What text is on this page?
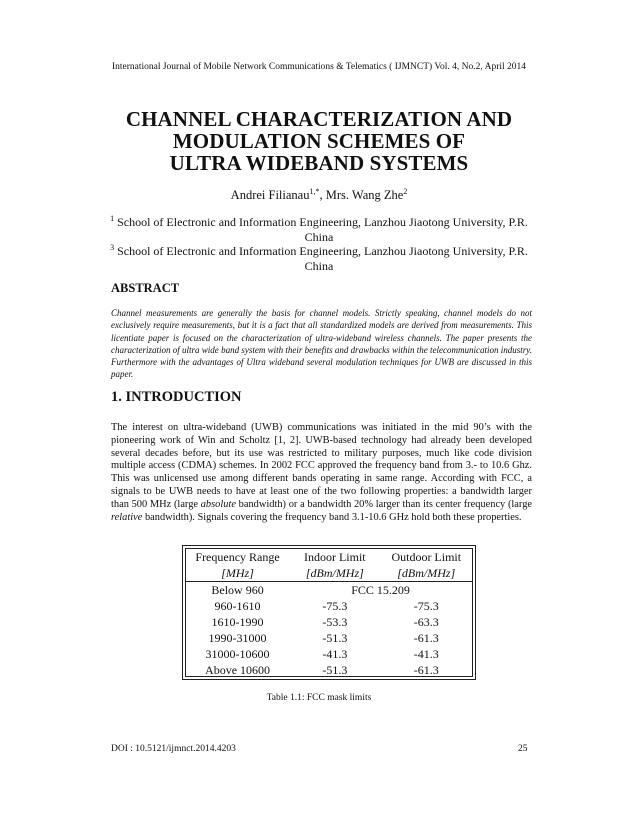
International Journal of Mobile Network Communications & Telematics ( IJMNCT) Vol. 4, No.2, April 2014
CHANNEL CHARACTERIZATION AND
MODULATION SCHEMES OF
ULTRA WIDEBAND SYSTEMS
Andrei Filianau$^{1,*}$, Mrs. Wang Zhe$^2$
$^1$ School of Electronic and Information Engineering, Lanzhou Jiaotong University, P.R. China
$^3$ School of Electronic and Information Engineering, Lanzhou Jiaotong University, P.R. China
ABSTRACT
Channel measurements are generally the basis for channel models. Strictly speaking, channel models do not exclusively require measurements, but it is a fact that all standardized models are derived from measurements. This licentiate paper is focused on the characterization of ultra-wideband wireless channels. The paper presents the characterization of ultra wide band system with their benefits and drawbacks within the telecommunication industry. Furthermore with the advantages of Ultra wideband several modulation techniques for UWB are discussed in this paper.
1. INTRODUCTION
The interest on ultra-wideband (UWB) communications was initiated in the mid 90’s with the pioneering work of Win and Scholtz [1, 2]. UWB-based technology had already been developed several decades before, but its use was restricted to military purposes, much like code division multiple access (CDMA) schemes. In 2002 FCC approved the frequency band from 3.- to 10.6 Ghz. This was unlicensed use among different bands operating in same range. According with FCC, a signals to be UWB needs to have at least one of the two following properties: a bandwidth larger than 500 MHz (large absolute bandwidth) or a bandwidth 20% larger than its center frequency (large relative bandwidth). Signals covering the frequency band 3.1-10.6 GHz hold both these properties.
Frequency Range	Indoor Limit	Outdoor Limit
[MHz]	[dBm/MHz]	[dBm/MHz]
Below 960	FCC 15.209	
960-1610	-75.3	-75.3
1610-1990	-53.3	-63.3
1990-31000	-51.3	-61.3
31000-10600	-41.3	-41.3
Above 10600	-51.3	-61.3
Table 1.1: FCC mask limits
DOI : 10.5121/ijmnct.2014.4203	25
